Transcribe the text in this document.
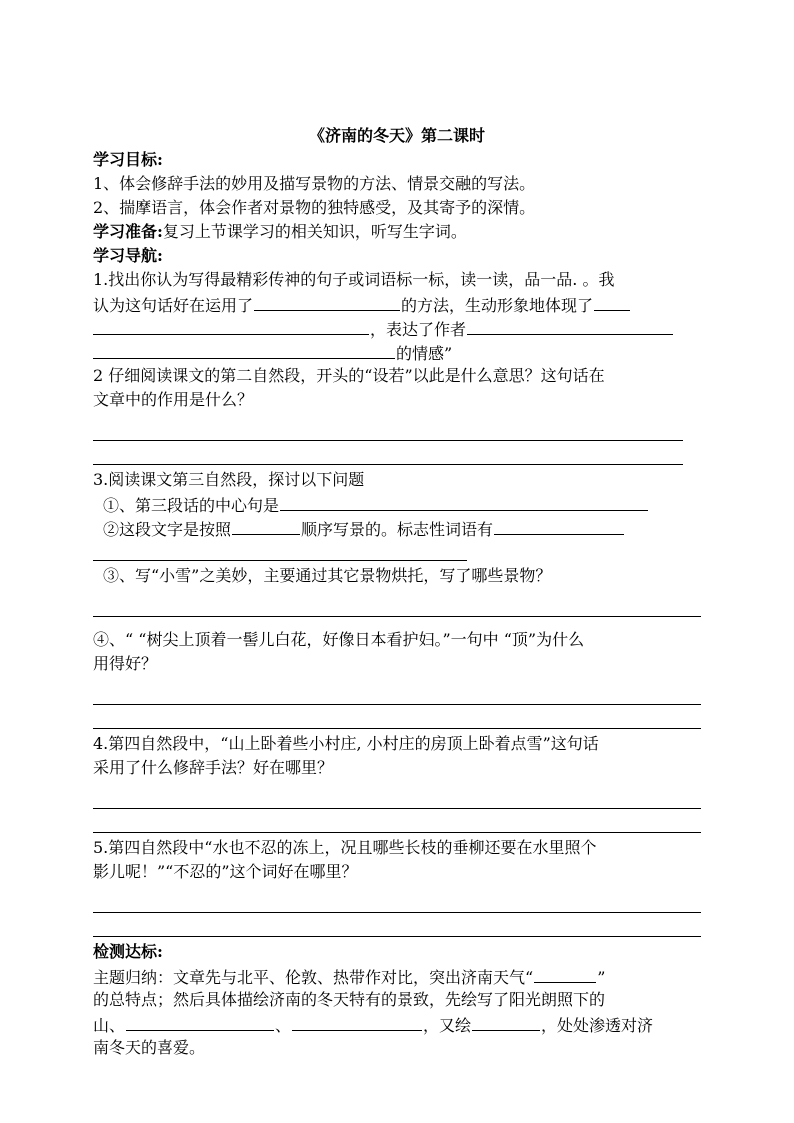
《济南的冬天》第二课时
学习目标:
1、体会修辞手法的妙用及描写景物的方法、情景交融的写法。
2、揣摩语言，体会作者对景物的独特感受，及其寄予的深情。
学习准备:复习上节课学习的相关知识，听写生字词。
学习导航:
1.找出你认为写得最精彩传神的句子或词语标一标，读一读，品一品. 。我
认为这句话好在运用了	的方法，生动形象地体现了
，表达了作者
的情感”
2 仔细阅读课文的第二自然段，开头的“设若”以此是什么意思？这句话在
文章中的作用是什么？
3.阅读课文第三自然段，探讨以下问题
①、第三段话的中心句是
②这段文字是按照	顺序写景的。标志性词语有
③、写“小雪”之美妙，主要通过其它景物烘托，写了哪些景物？
④、“ “树尖上顶着一髻儿白花，好像日本看护妇。”一句中 “顶”为什么
用得好？
4.第四自然段中，“山上卧着些小村庄, 小村庄的房顶上卧着点雪”这句话
采用了什么修辞手法？好在哪里？
5.第四自然段中“水也不忍的冻上，况且哪些长枝的垂柳还要在水里照个
影儿呢！”“不忍的”这个词好在哪里？
检测达标:
主题归纳：文章先与北平、伦敦、热带作对比，突出济南天气“	”
的总特点；然后具体描绘济南的冬天特有的景致，先绘写了阳光朗照下的
山、	、	，又绘	，处处渗透对济
南冬天的喜爱。
